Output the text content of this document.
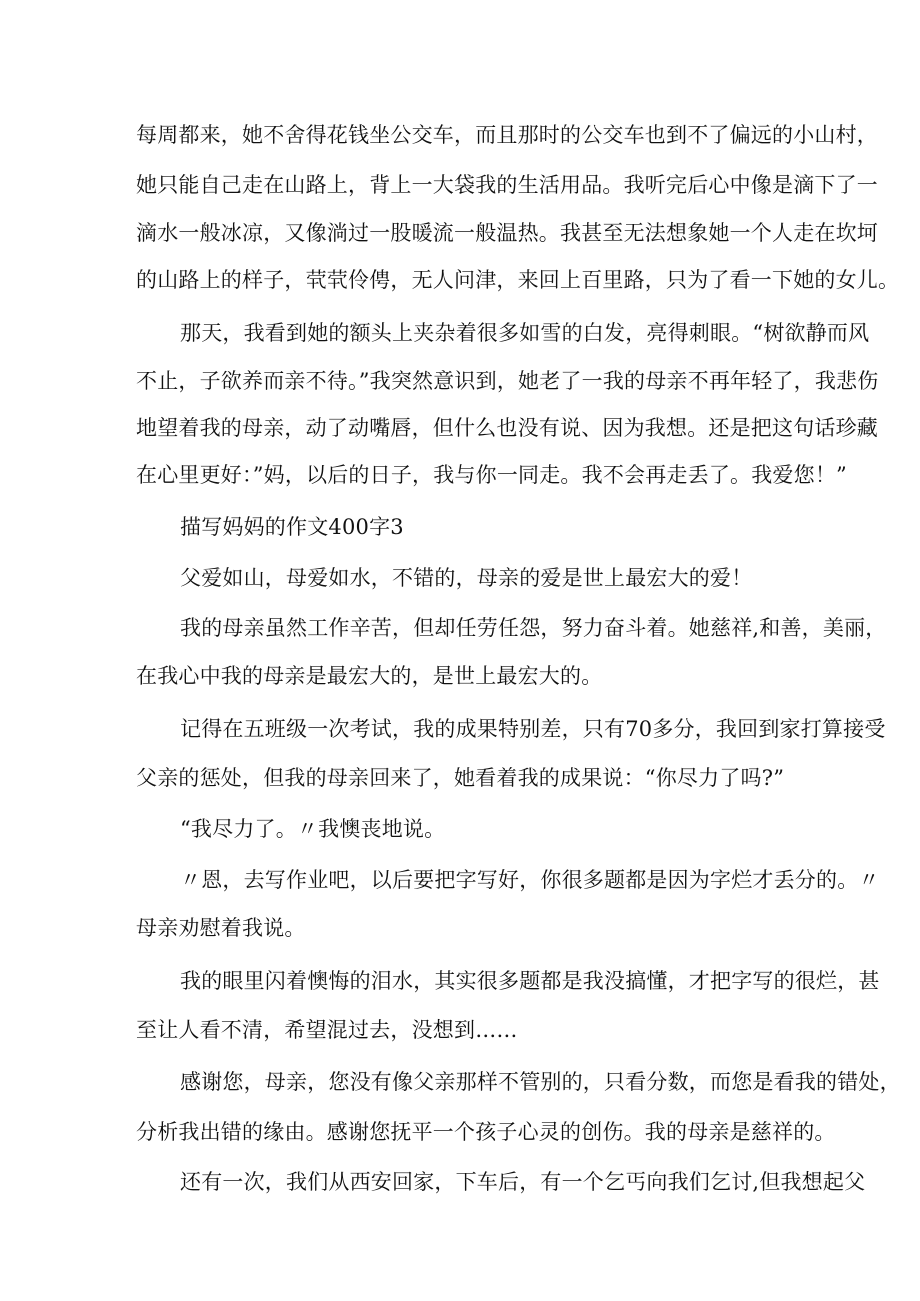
每周都来，她不舍得花钱坐公交车，而且那时的公交车也到不了偏远的小山村，
她只能自己走在山路上，背上一大袋我的生活用品。我听完后心中像是滴下了一
滴水一般冰凉，又像淌过一股暖流一般温热。我甚至无法想象她一个人走在坎坷
的山路上的样子，茕茕伶俜，无人问津，来回上百里路，只为了看一下她的女儿。
那天，我看到她的额头上夹杂着很多如雪的白发，亮得刺眼。“树欲静而风
不止，子欲养而亲不待。”我突然意识到，她老了一我的母亲不再年轻了，我悲伤
地望着我的母亲，动了动嘴唇，但什么也没有说、因为我想。还是把这句话珍藏
在心里更好：”妈，以后的日子，我与你一同走。我不会再走丢了。我爱您！”
描写妈妈的作文400字3
父爱如山，母爱如水，不错的，母亲的爱是世上最宏大的爱！
我的母亲虽然工作辛苦，但却任劳任怨，努力奋斗着。她慈祥,和善，美丽，
在我心中我的母亲是最宏大的，是世上最宏大的。
记得在五班级一次考试，我的成果特别差，只有70多分，我回到家打算接受
父亲的惩处，但我的母亲回来了，她看着我的成果说：“你尽力了吗?”
“我尽力了。〃我懊丧地说。
〃恩，去写作业吧，以后要把字写好，你很多题都是因为字烂才丢分的。〃
母亲劝慰着我说。
我的眼里闪着懊悔的泪水，其实很多题都是我没搞懂，才把字写的很烂，甚
至让人看不清，希望混过去，没想到……
感谢您，母亲，您没有像父亲那样不管别的，只看分数，而您是看我的错处，
分析我出错的缘由。感谢您抚平一个孩子心灵的创伤。我的母亲是慈祥的。
还有一次，我们从西安回家，下车后，有一个乞丐向我们乞讨,但我想起父
